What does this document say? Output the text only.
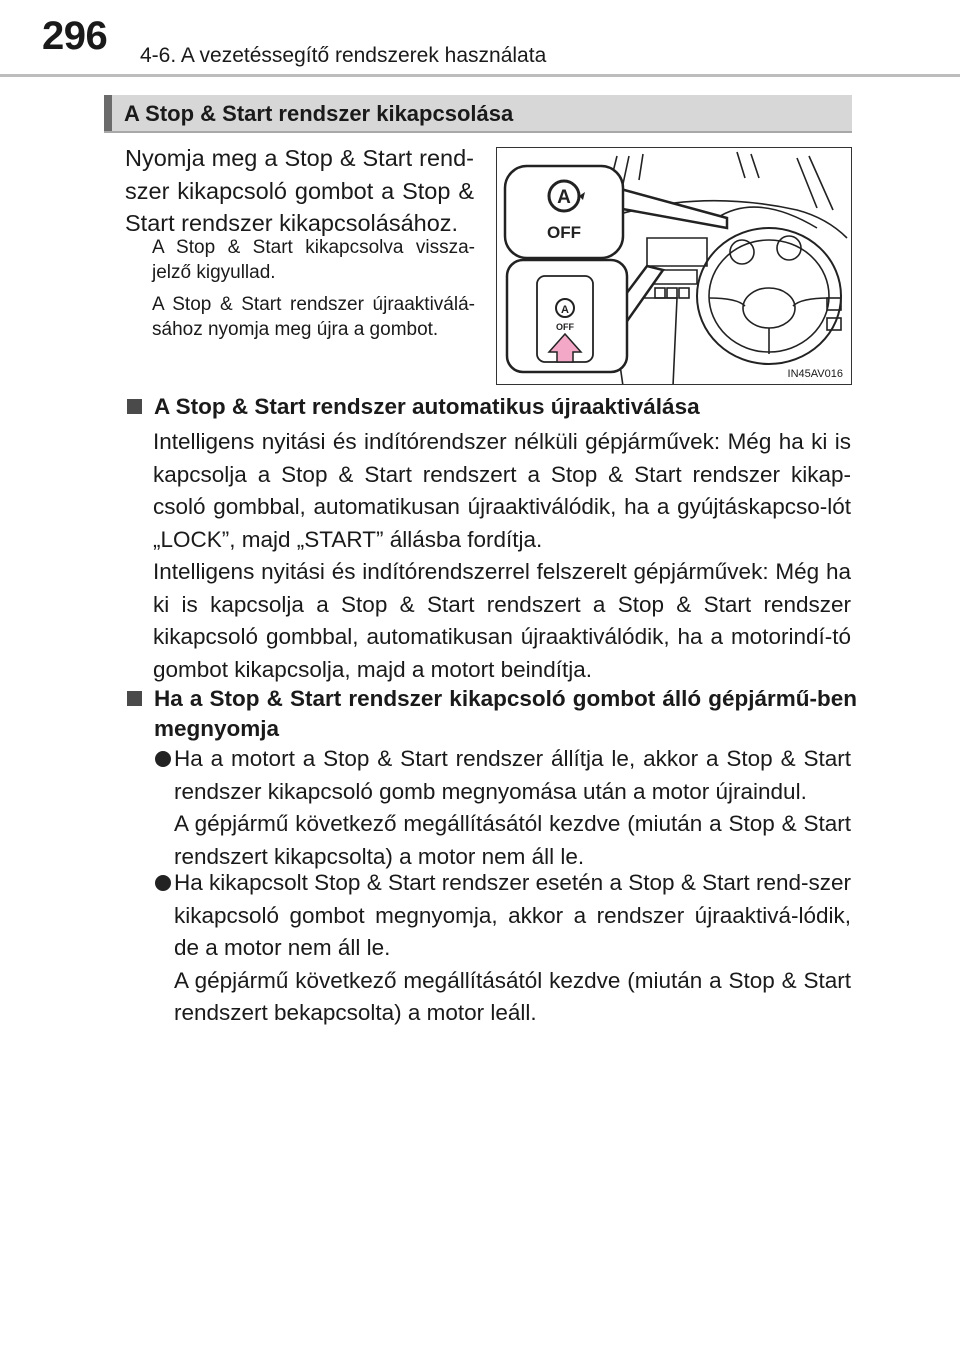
296 4-6. A vezetéssegítő rendszerek használata
A Stop & Start rendszer kikapcsolása
Nyomja meg a Stop & Start rend-szer kikapcsoló gombot a Stop & Start rendszer kikapcsolásához.
A Stop & Start kikapcsolva vissza-jelző kigyullad.
A Stop & Start rendszer újraaktiválá-sához nyomja meg újra a gombot.
A
OFF
A
OFF
IN45AV016
A Stop & Start rendszer automatikus újraaktiválása
Intelligens nyitási és indítórendszer nélküli gépjárművek: Még ha ki is kapcsolja a Stop & Start rendszert a Stop & Start rendszer kikap-csoló gombbal, automatikusan újraaktiválódik, ha a gyújtáskapcso-lót „LOCK”, majd „START” állásba fordítja.
Intelligens nyitási és indítórendszerrel felszerelt gépjárművek: Még ha ki is kapcsolja a Stop & Start rendszert a Stop & Start rendszer kikapcsoló gombbal, automatikusan újraaktiválódik, ha a motorindí-tó gombot kikapcsolja, majd a motort beindítja.
Ha a Stop & Start rendszer kikapcsoló gombot álló gépjármű-ben megnyomja
Ha a motort a Stop & Start rendszer állítja le, akkor a Stop & Start rendszer kikapcsoló gomb megnyomása után a motor újraindul.
A gépjármű következő megállításától kezdve (miután a Stop & Start rendszert kikapcsolta) a motor nem áll le.
Ha kikapcsolt Stop & Start rendszer esetén a Stop & Start rend-szer kikapcsoló gombot megnyomja, akkor a rendszer újraaktivá-lódik, de a motor nem áll le.
A gépjármű következő megállításától kezdve (miután a Stop & Start rendszert bekapcsolta) a motor leáll.
